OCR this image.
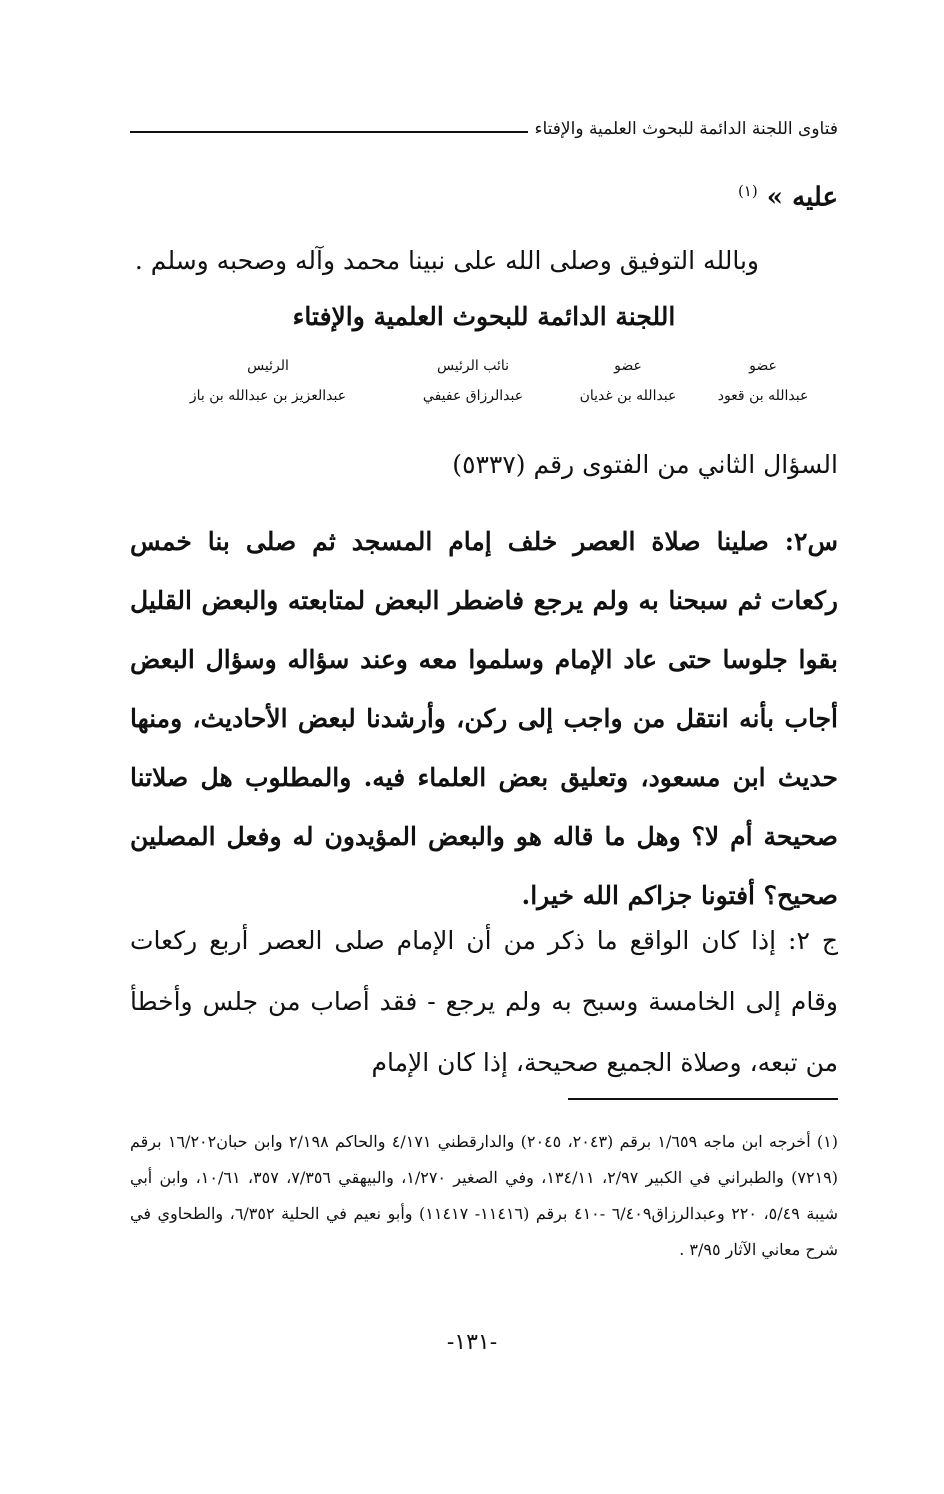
فتاوى اللجنة الدائمة للبحوث العلمية والإفتاء
عليه » $^{(١)}$
وبالله التوفيق وصلى الله على نبينا محمد وآله وصحبه وسلم .
اللجنة الدائمة للبحوث العلمية والإفتاء
عضو
عبدالله بن قعود
عضو
عبدالله بن غديان
نائب الرئيس
عبدالرزاق عفيفي
الرئيس
عبدالعزيز بن عبدالله بن باز
السؤال الثاني من الفتوى رقم (٥٣٣٧)
س٢: صلينا صلاة العصر خلف إمام المسجد ثم صلى بنا خمس ركعات ثم سبحنا به ولم يرجع فاضطر البعض لمتابعته والبعض القليل بقوا جلوسا حتى عاد الإمام وسلموا معه وعند سؤاله وسؤال البعض أجاب بأنه انتقل من واجب إلى ركن، وأرشدنا لبعض الأحاديث، ومنها حديث ابن مسعود، وتعليق بعض العلماء فيه. والمطلوب هل صلاتنا صحيحة أم لا؟ وهل ما قاله هو والبعض المؤيدون له وفعل المصلين صحيح؟ أفتونا جزاكم الله خيرا.
ج ٢: إذا كان الواقع ما ذكر من أن الإمام صلى العصر أربع ركعات وقام إلى الخامسة وسبح به ولم يرجع - فقد أصاب من جلس وأخطأ من تبعه، وصلاة الجميع صحيحة، إذا كان الإمام
(١) أخرجه ابن ماجه ١/٦٥٩ برقم (٢٠٤٣، ٢٠٤٥) والدارقطني ٤/١٧١ والحاكم ٢/١٩٨ وابن حبان١٦/٢٠٢ برقم (٧٢١٩) والطبراني في الكبير ٢/٩٧، ١٣٤/١١، وفي الصغير ١/٢٧٠، والبيهقي ٧/٣٥٦، ٣٥٧، ١٠/٦١، وابن أبي شيبة ٥/٤٩، ٢٢٠ وعبدالرزاق٦/٤٠٩ -٤١٠ برقم (١١٤١٦- ١١٤١٧) وأبو نعيم في الحلية ٦/٣٥٢، والطحاوي في شرح معاني الآثار ٣/٩٥ .
-١٣١-
